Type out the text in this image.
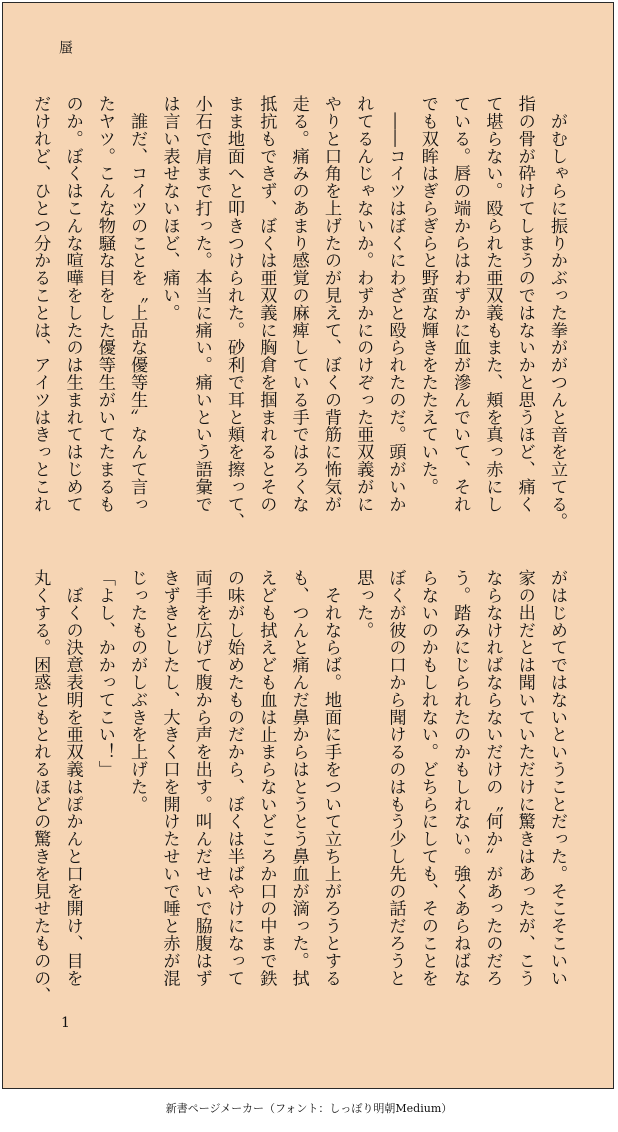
蜃
　がむしゃらに振りかぶった拳ががつんと音を立てる。
指の骨が砕けてしまうのではないかと思うほど、痛く
て堪らない。殴られた亜双義もまた、頬を真っ赤にし
ている。唇の端からはわずかに血が滲んでいて、それ
でも双眸はぎらぎらと野蛮な輝きをたたえていた。
　――コイツはぼくにわざと殴られたのだ。頭がいか
れてるんじゃないか。わずかにのけぞった亜双義がに
やりと口角を上げたのが見えて、ぼくの背筋に怖気が
走る。痛みのあまり感覚の麻痺している手ではろくな
抵抗もできず、ぼくは亜双義に胸倉を掴まれるとその
まま地面へと叩きつけられた。砂利で耳と頬を擦って、
小石で肩まで打った。本当に痛い。痛いという語彙で
は言い表せないほど、痛い。
　誰だ、コイツのことを〝上品な優等生〟なんて言っ
たヤツ。こんな物騒な目をした優等生がいてたまるも
のか。ぼくはこんな喧嘩をしたのは生まれてはじめて
だけれど、ひとつ分かることは、アイツはきっとこれ
がはじめてではないということだった。そこそこいい
家の出だとは聞いていただけに驚きはあったが、こう
ならなければならないだけの〝何か〟があったのだろ
う。踏みにじられたのかもしれない。強くあらねばな
らないのかもしれない。どちらにしても、そのことを
ぼくが彼の口から聞けるのはもう少し先の話だろうと
思った。
　それならば。地面に手をついて立ち上がろうとする
も、つんと痛んだ鼻からはとうとう鼻血が滴った。拭
えども拭えども血は止まらないどころか口の中まで鉄
の味がし始めたものだから、ぼくは半ばやけになって
両手を広げて腹から声を出す。叫んだせいで脇腹はず
きずきとしたし、大きく口を開けたせいで唾と赤が混
じったものがしぶきを上げた。
「よし、かかってこい！」
　ぼくの決意表明を亜双義はぽかんと口を開け、目を
丸くする。困惑ともとれるほどの驚きを見せたものの、
1
新書ページメーカー（フォント：しっぽり明朝Medium）
